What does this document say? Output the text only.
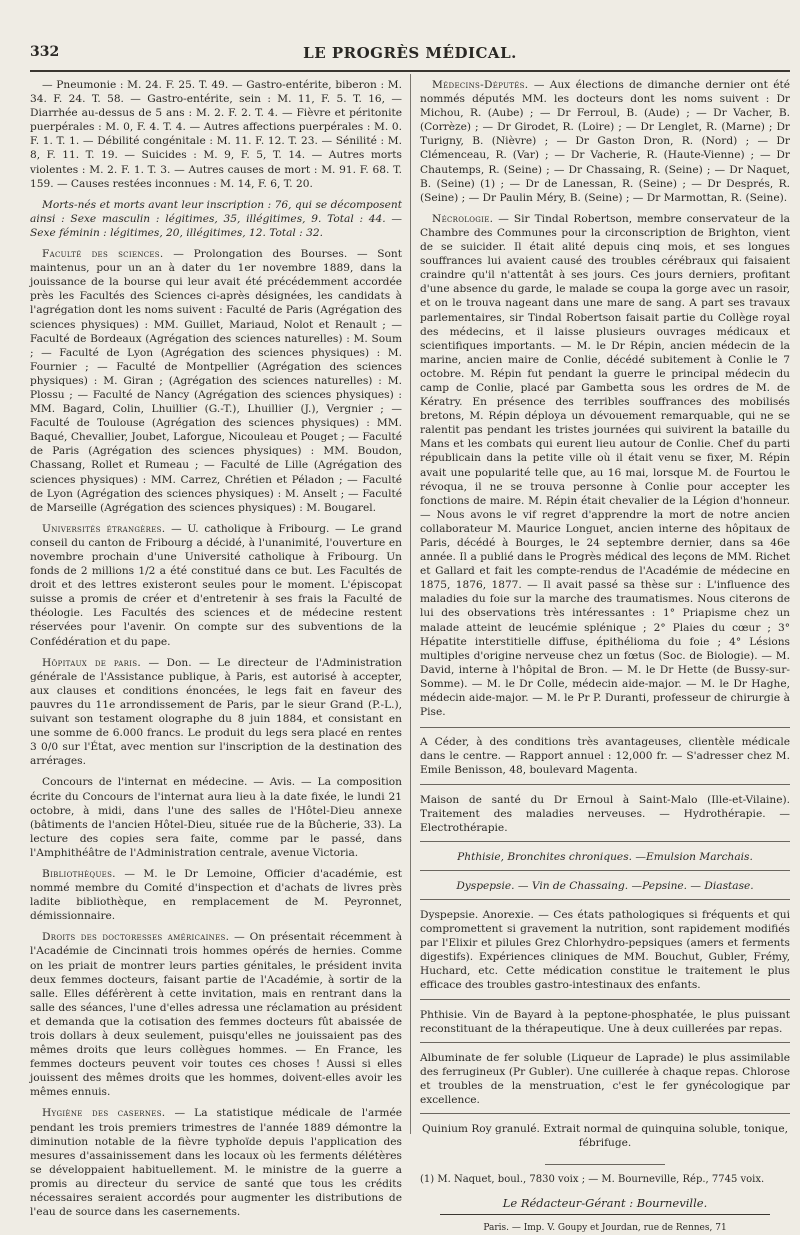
332	LE PROGRÈS MÉDICAL.

— Pneumonie : M. 24. F. 25. T. 49. — Gastro-entérite, biberon : M. 34. F. 24. T. 58. — Gastro-entérite, sein : M. 11, F. 5. T. 16, — Diarrhée au-dessus de 5 ans : M. 2. F. 2. T. 4. — Fièvre et péritonite puerpérales : M. 0, F. 4. T. 4. — Autres affections puerpérales : M. 0. F. 1. T. 1. — Débilité congénitale : M. 11. F. 12. T. 23. — Sénilité : M. 8, F. 11. T. 19. — Suicides : M. 9, F. 5, T. 14. — Autres morts violentes : M. 2. F. 1. T. 3. — Autres causes de mort : M. 91. F. 68. T. 159. — Causes restées inconnues : M. 14, F. 6, T. 20.

Morts-nés et morts avant leur inscription : 76, qui se décomposent ainsi : Sexe masculin : légitimes, 35, illégitimes, 9. Total : 44. — Sexe féminin : légitimes, 20, illégitimes, 12. Total : 32.

Faculté des sciences. — Prolongation des Bourses. — Sont maintenus, pour un an à dater du 1er novembre 1889, dans la jouissance de la bourse qui leur avait été précédemment accordée près les Facultés des Sciences ci-après désignées, les candidats à l'agrégation dont les noms suivent : Faculté de Paris (Agrégation des sciences physiques) : MM. Guillet, Mariaud, Nolot et Renault ; — Faculté de Bordeaux (Agrégation des sciences naturelles) : M. Soum ; — Faculté de Lyon (Agrégation des sciences physiques) : M. Fournier ; — Faculté de Montpellier (Agrégation des sciences physiques) : M. Giran ; (Agrégation des sciences naturelles) : M. Plossu ; — Faculté de Nancy (Agrégation des sciences physiques) : MM. Bagard, Colin, Lhuillier (G.-T.), Lhuillier (J.), Vergnier ; — Faculté de Toulouse (Agrégation des sciences physiques) : MM. Baqué, Chevallier, Joubet, Laforgue, Nicouleau et Pouget ; — Faculté de Paris (Agrégation des sciences physiques) : MM. Boudon, Chassang, Rollet et Rumeau ; — Faculté de Lille (Agrégation des sciences physiques) : MM. Carrez, Chrétien et Péladon ; — Faculté de Lyon (Agrégation des sciences physiques) : M. Anselt ; — Faculté de Marseille (Agrégation des sciences physiques) : M. Bougarel.

Universités étrangères. — U. catholique à Fribourg. — Le grand conseil du canton de Fribourg a décidé, à l'unanimité, l'ouverture en novembre prochain d'une Université catholique à Fribourg. Un fonds de 2 millions 1/2 a été constitué dans ce but. Les Facultés de droit et des lettres existeront seules pour le moment. L'épiscopat suisse a promis de créer et d'entretenir à ses frais la Faculté de théologie. Les Facultés des sciences et de médecine restent réservées pour l'avenir. On compte sur des subventions de la Confédération et du pape.

Hôpitaux de paris. — Don. — Le directeur de l'Administration générale de l'Assistance publique, à Paris, est autorisé à accepter, aux clauses et conditions énoncées, le legs fait en faveur des pauvres du 11e arrondissement de Paris, par le sieur Grand (P.-L.), suivant son testament olographe du 8 juin 1884, et consistant en une somme de 6.000 francs. Le produit du legs sera placé en rentes 3 0/0 sur l'État, avec mention sur l'inscription de la destination des arrérages.

Concours de l'internat en médecine. — Avis. — La composition écrite du Concours de l'internat aura lieu à la date fixée, le lundi 21 octobre, à midi, dans l'une des salles de l'Hôtel-Dieu annexe (bâtiments de l'ancien Hôtel-Dieu, située rue de la Bûcherie, 33). La lecture des copies sera faite, comme par le passé, dans l'Amphithéâtre de l'Administration centrale, avenue Victoria.

Bibliothèques. — M. le Dr Lemoine, Officier d'académie, est nommé membre du Comité d'inspection et d'achats de livres près ladite bibliothèque, en remplacement de M. Peyronnet, démissionnaire.

Droits des doctoresses américaines. — On présentait récemment à l'Académie de Cincinnati trois hommes opérés de hernies. Comme on les priait de montrer leurs parties génitales, le président invita deux femmes docteurs, faisant partie de l'Académie, à sortir de la salle. Elles déférèrent à cette invitation, mais en rentrant dans la salle des séances, l'une d'elles adressa une réclamation au président et demanda que la cotisation des femmes docteurs fût abaissée de trois dollars à deux seulement, puisqu'elles ne jouissaient pas des mêmes droits que leurs collègues hommes. — En France, les femmes docteurs peuvent voir toutes ces choses ! Aussi si elles jouissent des mêmes droits que les hommes, doivent-elles avoir les mêmes ennuis.

Hygiène des casernes. — La statistique médicale de l'armée pendant les trois premiers trimestres de l'année 1889 démontre la diminution notable de la fièvre typhoïde depuis l'application des mesures d'assainissement dans les locaux où les ferments délétères se développaient habituellement. M. le ministre de la guerre a promis au directeur du service de santé que tous les crédits nécessaires seraient accordés pour augmenter les distributions de l'eau de source dans les casernements.

Médecins-Députés. — Aux élections de dimanche dernier ont été nommés députés MM. les docteurs dont les noms suivent : Dr Michou, R. (Aube) ; — Dr Ferroul, B. (Aude) ; — Dr Vacher, B. (Corrèze) ; — Dr Girodet, R. (Loire) ; — Dr Lenglet, R. (Marne) ; Dr Turigny, B. (Nièvre) ; — Dr Gaston Dron, R. (Nord) ; — Dr Clémenceau, R. (Var) ; — Dr Vacherie, R. (Haute-Vienne) ; — Dr Chautemps, R. (Seine) ; — Dr Chassaing, R. (Seine) ; — Dr Naquet, B. (Seine) (1) ; — Dr de Lanessan, R. (Seine) ; — Dr Després, R. (Seine) ; — Dr Paulin Méry, B. (Seine) ; — Dr Marmottan, R. (Seine).

Nécrologie. — Sir Tindal Robertson, membre conservateur de la Chambre des Communes pour la circonscription de Brighton, vient de se suicider. Il était alité depuis cinq mois, et ses longues souffrances lui avaient causé des troubles cérébraux qui faisaient craindre qu'il n'attentât à ses jours. Ces jours derniers, profitant d'une absence du garde, le malade se coupa la gorge avec un rasoir, et on le trouva nageant dans une mare de sang. A part ses travaux parlementaires, sir Tindal Robertson faisait partie du Collège royal des médecins, et il laisse plusieurs ouvrages médicaux et scientifiques importants. — M. le Dr Répin, ancien médecin de la marine, ancien maire de Conlie, décédé subitement à Conlie le 7 octobre. M. Répin fut pendant la guerre le principal médecin du camp de Conlie, placé par Gambetta sous les ordres de M. de Kératry. En présence des terribles souffrances des mobilisés bretons, M. Répin déploya un dévouement remarquable, qui ne se ralentit pas pendant les tristes journées qui suivirent la bataille du Mans et les combats qui eurent lieu autour de Conlie. Chef du parti républicain dans la petite ville où il était venu se fixer, M. Répin avait une popularité telle que, au 16 mai, lorsque M. de Fourtou le révoqua, il ne se trouva personne à Conlie pour accepter les fonctions de maire. M. Répin était chevalier de la Légion d'honneur. — Nous avons le vif regret d'apprendre la mort de notre ancien collaborateur M. Maurice Longuet, ancien interne des hôpitaux de Paris, décédé à Bourges, le 24 septembre dernier, dans sa 46e année. Il a publié dans le Progrès médical des leçons de MM. Richet et Gallard et fait les compte-rendus de l'Académie de médecine en 1875, 1876, 1877. — Il avait passé sa thèse sur : L'influence des maladies du foie sur la marche des traumatismes. Nous citerons de lui des observations très intéressantes : 1° Priapisme chez un malade atteint de leucémie splénique ; 2° Plaies du cœur ; 3° Hépatite interstitielle diffuse, épithélioma du foie ; 4° Lésions multiples d'origine nerveuse chez un fœtus (Soc. de Biologie). — M. David, interne à l'hôpital de Bron. — M. le Dr Hette (de Bussy-sur-Somme). — M. le Dr Colle, médecin aide-major. — M. le Dr Haghe, médecin aide-major. — M. le Pr P. Duranti, professeur de chirurgie à Pise.

A Céder, à des conditions très avantageuses, clientèle médicale dans le centre. — Rapport annuel : 12,000 fr. — S'adresser chez M. Emile Benisson, 48, boulevard Magenta.

Maison de santé du Dr Ernoul à Saint-Malo (Ille-et-Vilaine). Traitement des maladies nerveuses. — Hydrothérapie. — Electrothérapie.

Phthisie, Bronchites chroniques. —Emulsion Marchais.

Dyspepsie. — Vin de Chassaing. —Pepsine. — Diastase.

Dyspepsie. Anorexie. — Ces états pathologiques si fréquents et qui compromettent si gravement la nutrition, sont rapidement modifiés par l'Elixir et pilules Grez Chlorhydro-pepsiques (amers et ferments digestifs). Expériences cliniques de MM. Bouchut, Gubler, Frémy, Huchard, etc. Cette médication constitue le traitement le plus efficace des troubles gastro-intestinaux des enfants.

Phthisie. Vin de Bayard à la peptone-phosphatée, le plus puissant reconstituant de la thérapeutique. Une à deux cuillerées par repas.

Albuminate de fer soluble (Liqueur de Laprade) le plus assimilable des ferrugineux (Pr Gubler). Une cuillerée à chaque repas. Chlorose et troubles de la menstruation, c'est le fer gynécologique par excellence.

Quinium Roy granulé. Extrait normal de quinquina soluble, tonique, fébrifuge.

(1) M. Naquet, boul., 7830 voix ; — M. Bourneville, Rép., 7745 voix.

Le Rédacteur-Gérant : Bourneville.

Paris. — Imp. V. Goupy et Jourdan, rue de Rennes, 71
